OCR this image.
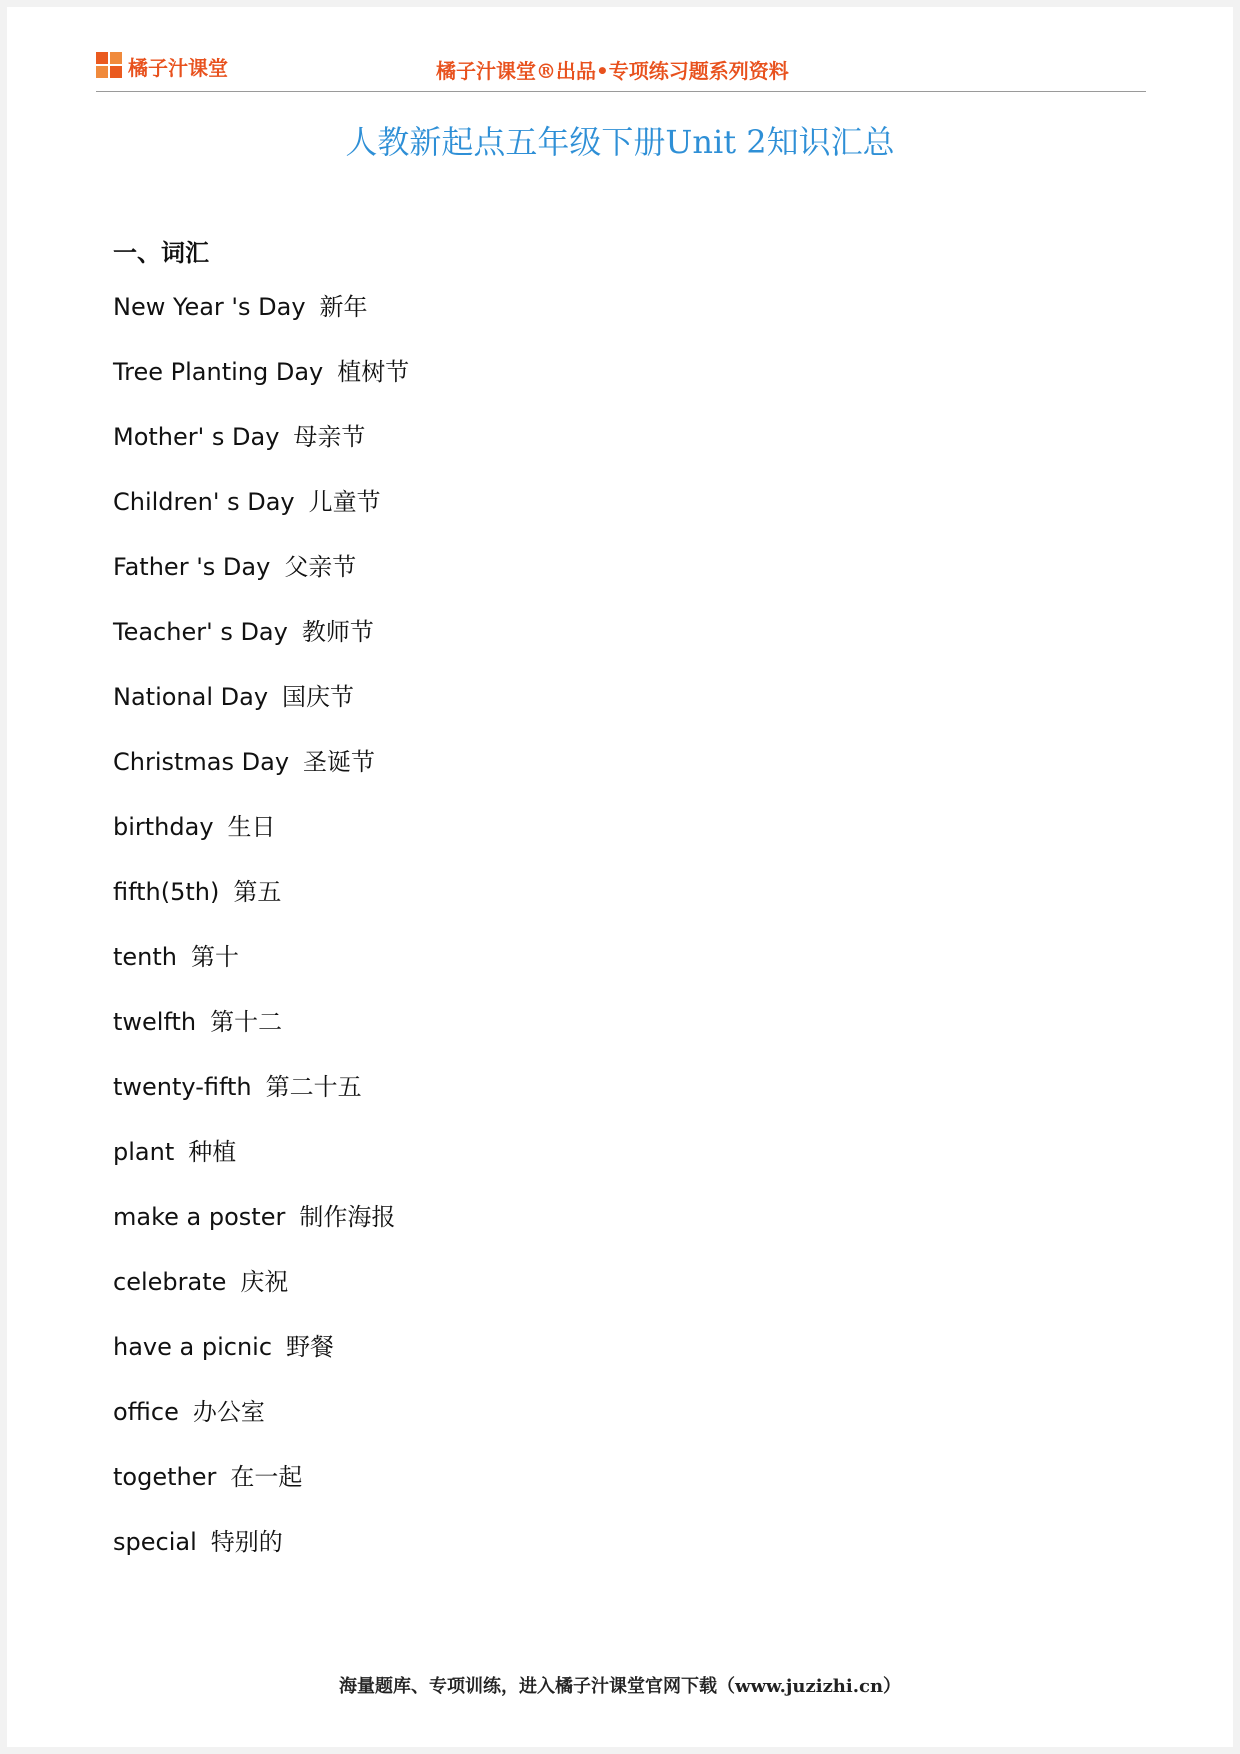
橘子汁课堂	橘子汁课堂®出品•专项练习题系列资料
人教新起点五年级下册Unit 2知识汇总
一、词汇
New Year 's Day 新年
Tree Planting Day 植树节
Mother' s Day 母亲节
Children' s Day 儿童节
Father 's Day 父亲节
Teacher' s Day 教师节
National Day 国庆节
Christmas Day 圣诞节
birthday 生日
fifth(5th) 第五
tenth 第十
twelfth 第十二
twenty-fifth 第二十五
plant 种植
make a poster 制作海报
celebrate 庆祝
have a picnic 野餐
office 办公室
together 在一起
special 特别的
海量题库、专项训练，进入橘子汁课堂官网下载（www.juzizhi.cn）
